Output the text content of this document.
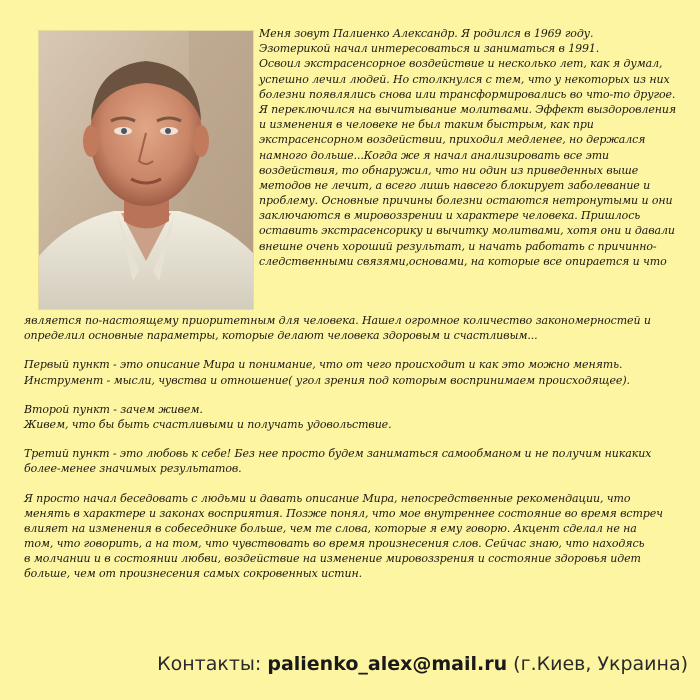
Меня зовут Палиенко Александр. Я родился в 1969 году.
Эзотерикой начал интересоваться и заниматься в 1991.
Освоил экстрасенсорное воздействие и несколько лет, как я думал,
успешно лечил людей. Но столкнулся с тем, что у некоторых из них
болезни появлялись снова или трансформировались во что-то другое.
Я переключился на вычитывание молитвами. Эффект выздоровления
и изменения в человеке не был таким быстрым, как при
экстрасенсорном воздействии, приходил медленее, но держался
намного дольше...Когда же я начал анализировать все эти
воздействия, то обнаружил, что ни один из приведенных выше
методов не лечит, а всего лишь навсего блокирует заболевание и
проблему. Основные причины болезни остаются нетронутыми и они
заключаются в мировоззрении и характере человека. Пришлось
оставить экстрасенсорику и вычитку молитвами, хотя они и давали
внешне очень хороший результат, и начать работать с причинно-
следственными связями,основами, на которые все опирается и что
является по-настоящему приоритетным для человека. Нашел огромное количество закономерностей и
определил основные параметры, которые делают человека здоровым и счастливым...
Первый пункт - это описание Мира и понимание, что от чего происходит и как это можно менять.
Инструмент - мысли, чувства и отношение( угол зрения под которым воспринимаем происходящее).
Второй пункт - зачем живем.
Живем, что бы быть счастливыми и получать удовольствие.
Третий пункт - это любовь к себе! Без нее просто будем заниматься самообманом и не получим никаких
более-менее значимых результатов.
Я просто начал беседовать с людьми и давать описание Мира, непосредственные рекомендации, что
менять в характере и законах восприятия. Позже понял, что мое внутреннее состояние во время встреч
влияет на изменения в собеседнике больше, чем те слова, которые я ему говорю. Акцент сделал не на
том, что говорить, а на том, что чувствовать во время произнесения слов. Сейчас знаю, что находясь
в молчании и в состоянии любви, воздействие на изменение мировоззрения и состояние здоровья идет
больше, чем от произнесения самых сокровенных истин.
Контакты: palienko_alex@mail.ru (г.Киев, Украина)
